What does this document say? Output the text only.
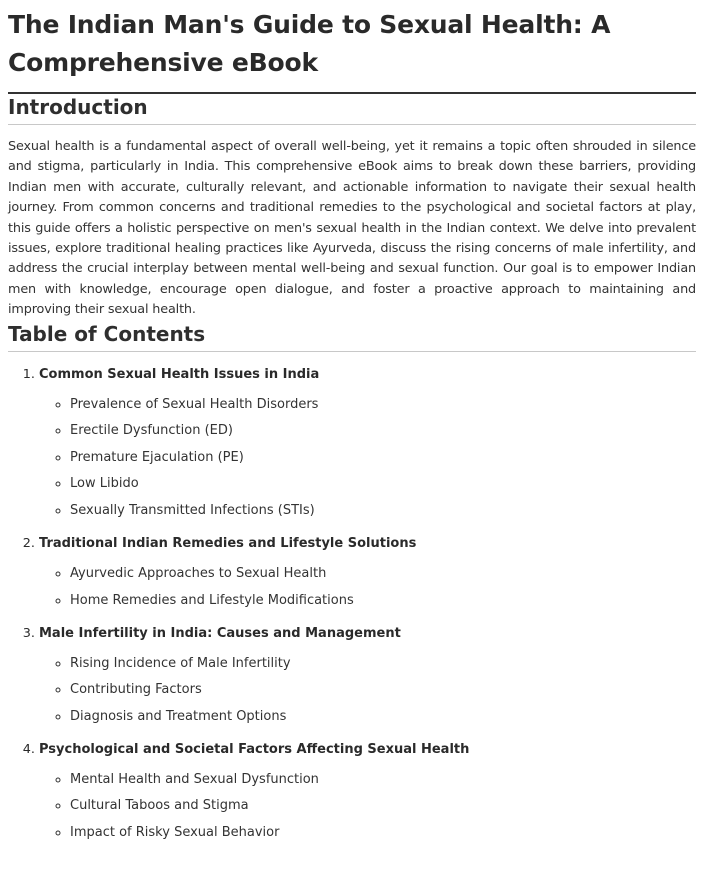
The Indian Man's Guide to Sexual Health: A Comprehensive eBook
Introduction

Sexual health is a fundamental aspect of overall well-being, yet it remains a topic often shrouded in silence and stigma, particularly in India. This comprehensive eBook aims to break down these barriers, providing Indian men with accurate, culturally relevant, and actionable information to navigate their sexual health journey. From common concerns and traditional remedies to the psychological and societal factors at play, this guide offers a holistic perspective on men's sexual health in the Indian context. We delve into prevalent issues, explore traditional healing practices like Ayurveda, discuss the rising concerns of male infertility, and address the crucial interplay between mental well-being and sexual function. Our goal is to empower Indian men with knowledge, encourage open dialogue, and foster a proactive approach to maintaining and improving their sexual health.

Table of Contents
1. Common Sexual Health Issues in India
◦ Prevalence of Sexual Health Disorders
◦ Erectile Dysfunction (ED)
◦ Premature Ejaculation (PE)
◦ Low Libido
◦ Sexually Transmitted Infections (STIs)
2. Traditional Indian Remedies and Lifestyle Solutions
◦ Ayurvedic Approaches to Sexual Health
◦ Home Remedies and Lifestyle Modifications
3. Male Infertility in India: Causes and Management
◦ Rising Incidence of Male Infertility
◦ Contributing Factors
◦ Diagnosis and Treatment Options
4. Psychological and Societal Factors Affecting Sexual Health
◦ Mental Health and Sexual Dysfunction
◦ Cultural Taboos and Stigma
◦ Impact of Risky Sexual Behavior
